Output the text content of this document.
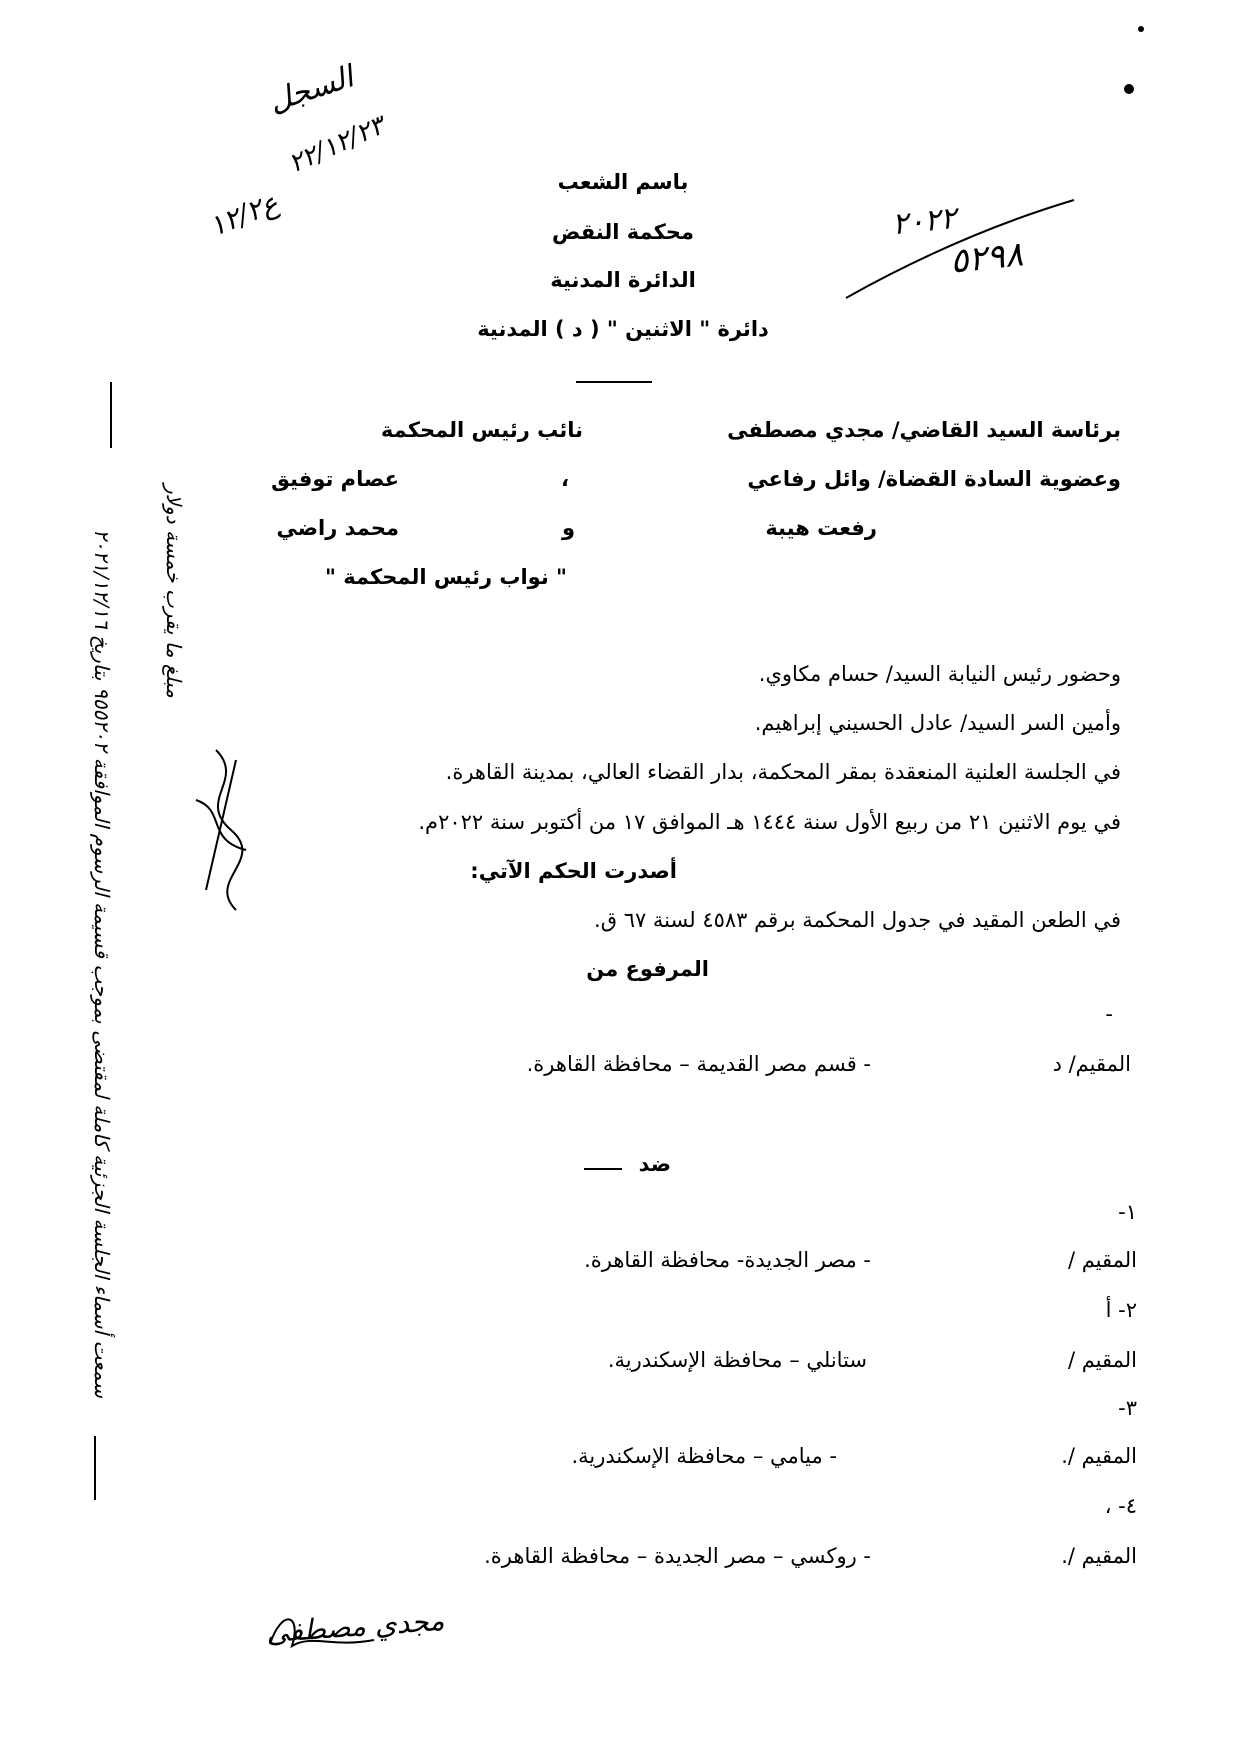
باسم الشعب
محكمة النقض
الدائرة المدنية
دائرة " الاثنين " ( د ) المدنية
برئاسة السيد القاضي/ مجدي مصطفى
نائب رئيس المحكمة
وعضوية السادة القضاة/ وائل رفاعي
،
عصام توفيق
رفعت هيبة
و
محمد راضي
" نواب رئيس المحكمة "
وحضور رئيس النيابة السيد/ حسام مكاوي.
وأمين السر السيد/ عادل الحسيني إبراهيم.
في الجلسة العلنية المنعقدة بمقر المحكمة، بدار القضاء العالي، بمدينة القاهرة.
في يوم الاثنين ٢١ من ربيع الأول سنة ١٤٤٤ هـ الموافق ١٧ من أكتوبر سنة ٢٠٢٢م.
أصدرت الحكم الآتي:
في الطعن المقيد في جدول المحكمة برقم ٤٥٨٣ لسنة ٦٧ ق.
المرفوع من
-
المقيم/ د
- قسم مصر القديمة – محافظة القاهرة.
ضد
١-
المقيم /
- مصر الجديدة- محافظة القاهرة.
٢- أ
المقيم /
ستانلي – محافظة الإسكندرية.
٣-
المقيم /.
- ميامي – محافظة الإسكندرية.
٤- ،
المقيم /.
- روكسي – مصر الجديدة – محافظة القاهرة.
السجل
٢٢/١٢/٢٣
ع١٢/٢	٢٠٢٢
٥٢٩٨
سمعت أسماء الجلسة الجزئية كاملة لمقتضى بموجب قسيمة الرسوم الموافقة ٩٥٥٢٠٢ بتاريخ ٢٠٢١/١٢/١٦
مبلغ ما يقرب خمسة دولار
مجدي مصطفى
